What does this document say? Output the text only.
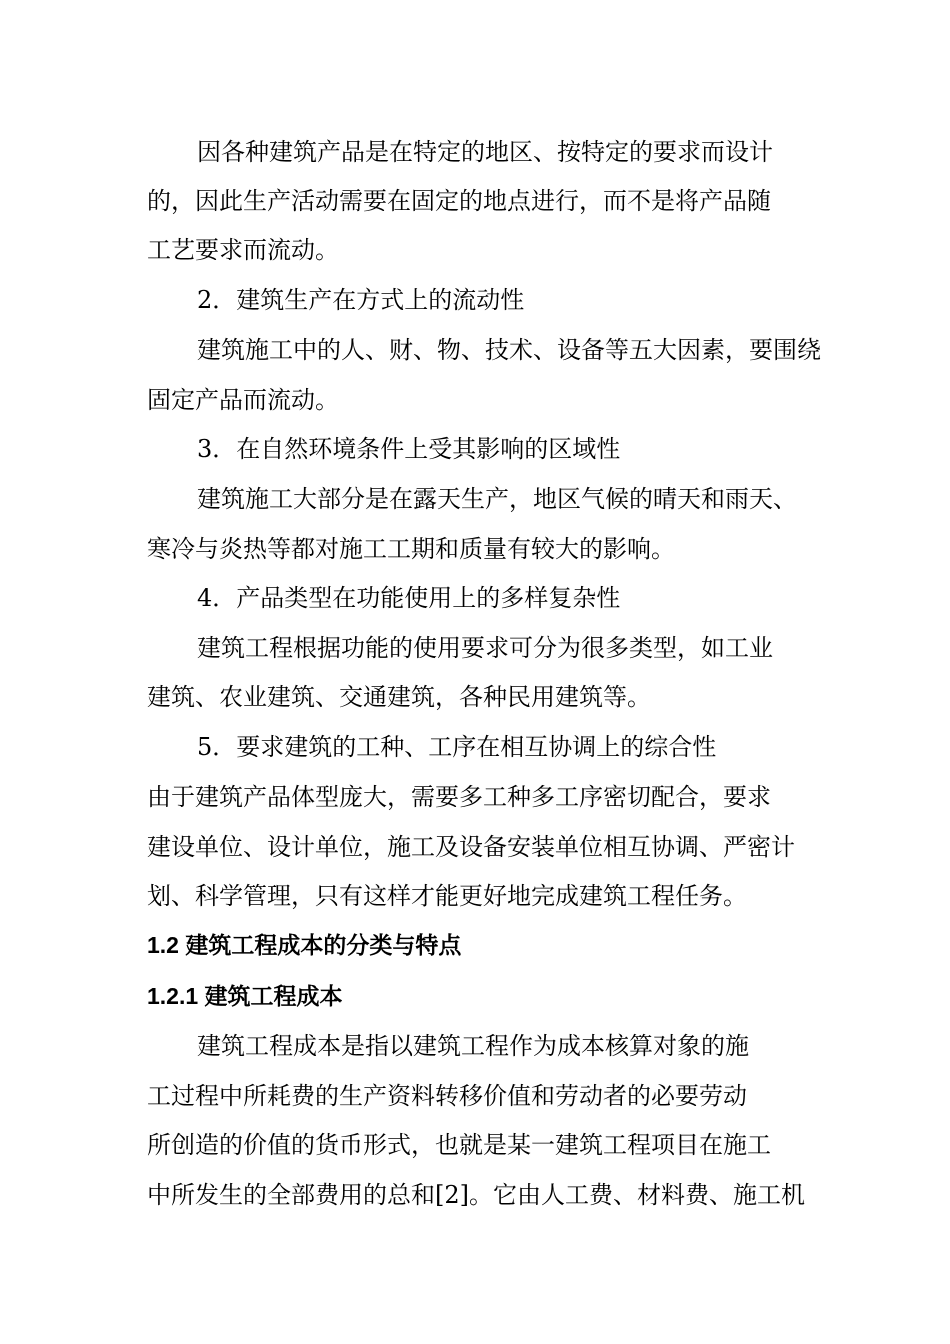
因各种建筑产品是在特定的地区、按特定的要求而设计
的，因此生产活动需要在固定的地点进行，而不是将产品随
工艺要求而流动。
2．建筑生产在方式上的流动性
建筑施工中的人、财、物、技术、设备等五大因素，要围绕
固定产品而流动。
3．在自然环境条件上受其影响的区域性
建筑施工大部分是在露天生产，地区气候的晴天和雨天、
寒冷与炎热等都对施工工期和质量有较大的影响。
4．产品类型在功能使用上的多样复杂性
建筑工程根据功能的使用要求可分为很多类型，如工业
建筑、农业建筑、交通建筑，各种民用建筑等。
5．要求建筑的工种、工序在相互协调上的综合性
由于建筑产品体型庞大，需要多工种多工序密切配合，要求
建设单位、设计单位，施工及设备安装单位相互协调、严密计
划、科学管理，只有这样才能更好地完成建筑工程任务。
1.2 建筑工程成本的分类与特点
1.2.1 建筑工程成本
建筑工程成本是指以建筑工程作为成本核算对象的施
工过程中所耗费的生产资料转移价值和劳动者的必要劳动
所创造的价值的货币形式，也就是某一建筑工程项目在施工
中所发生的全部费用的总和[2]。它由人工费、材料费、施工机
